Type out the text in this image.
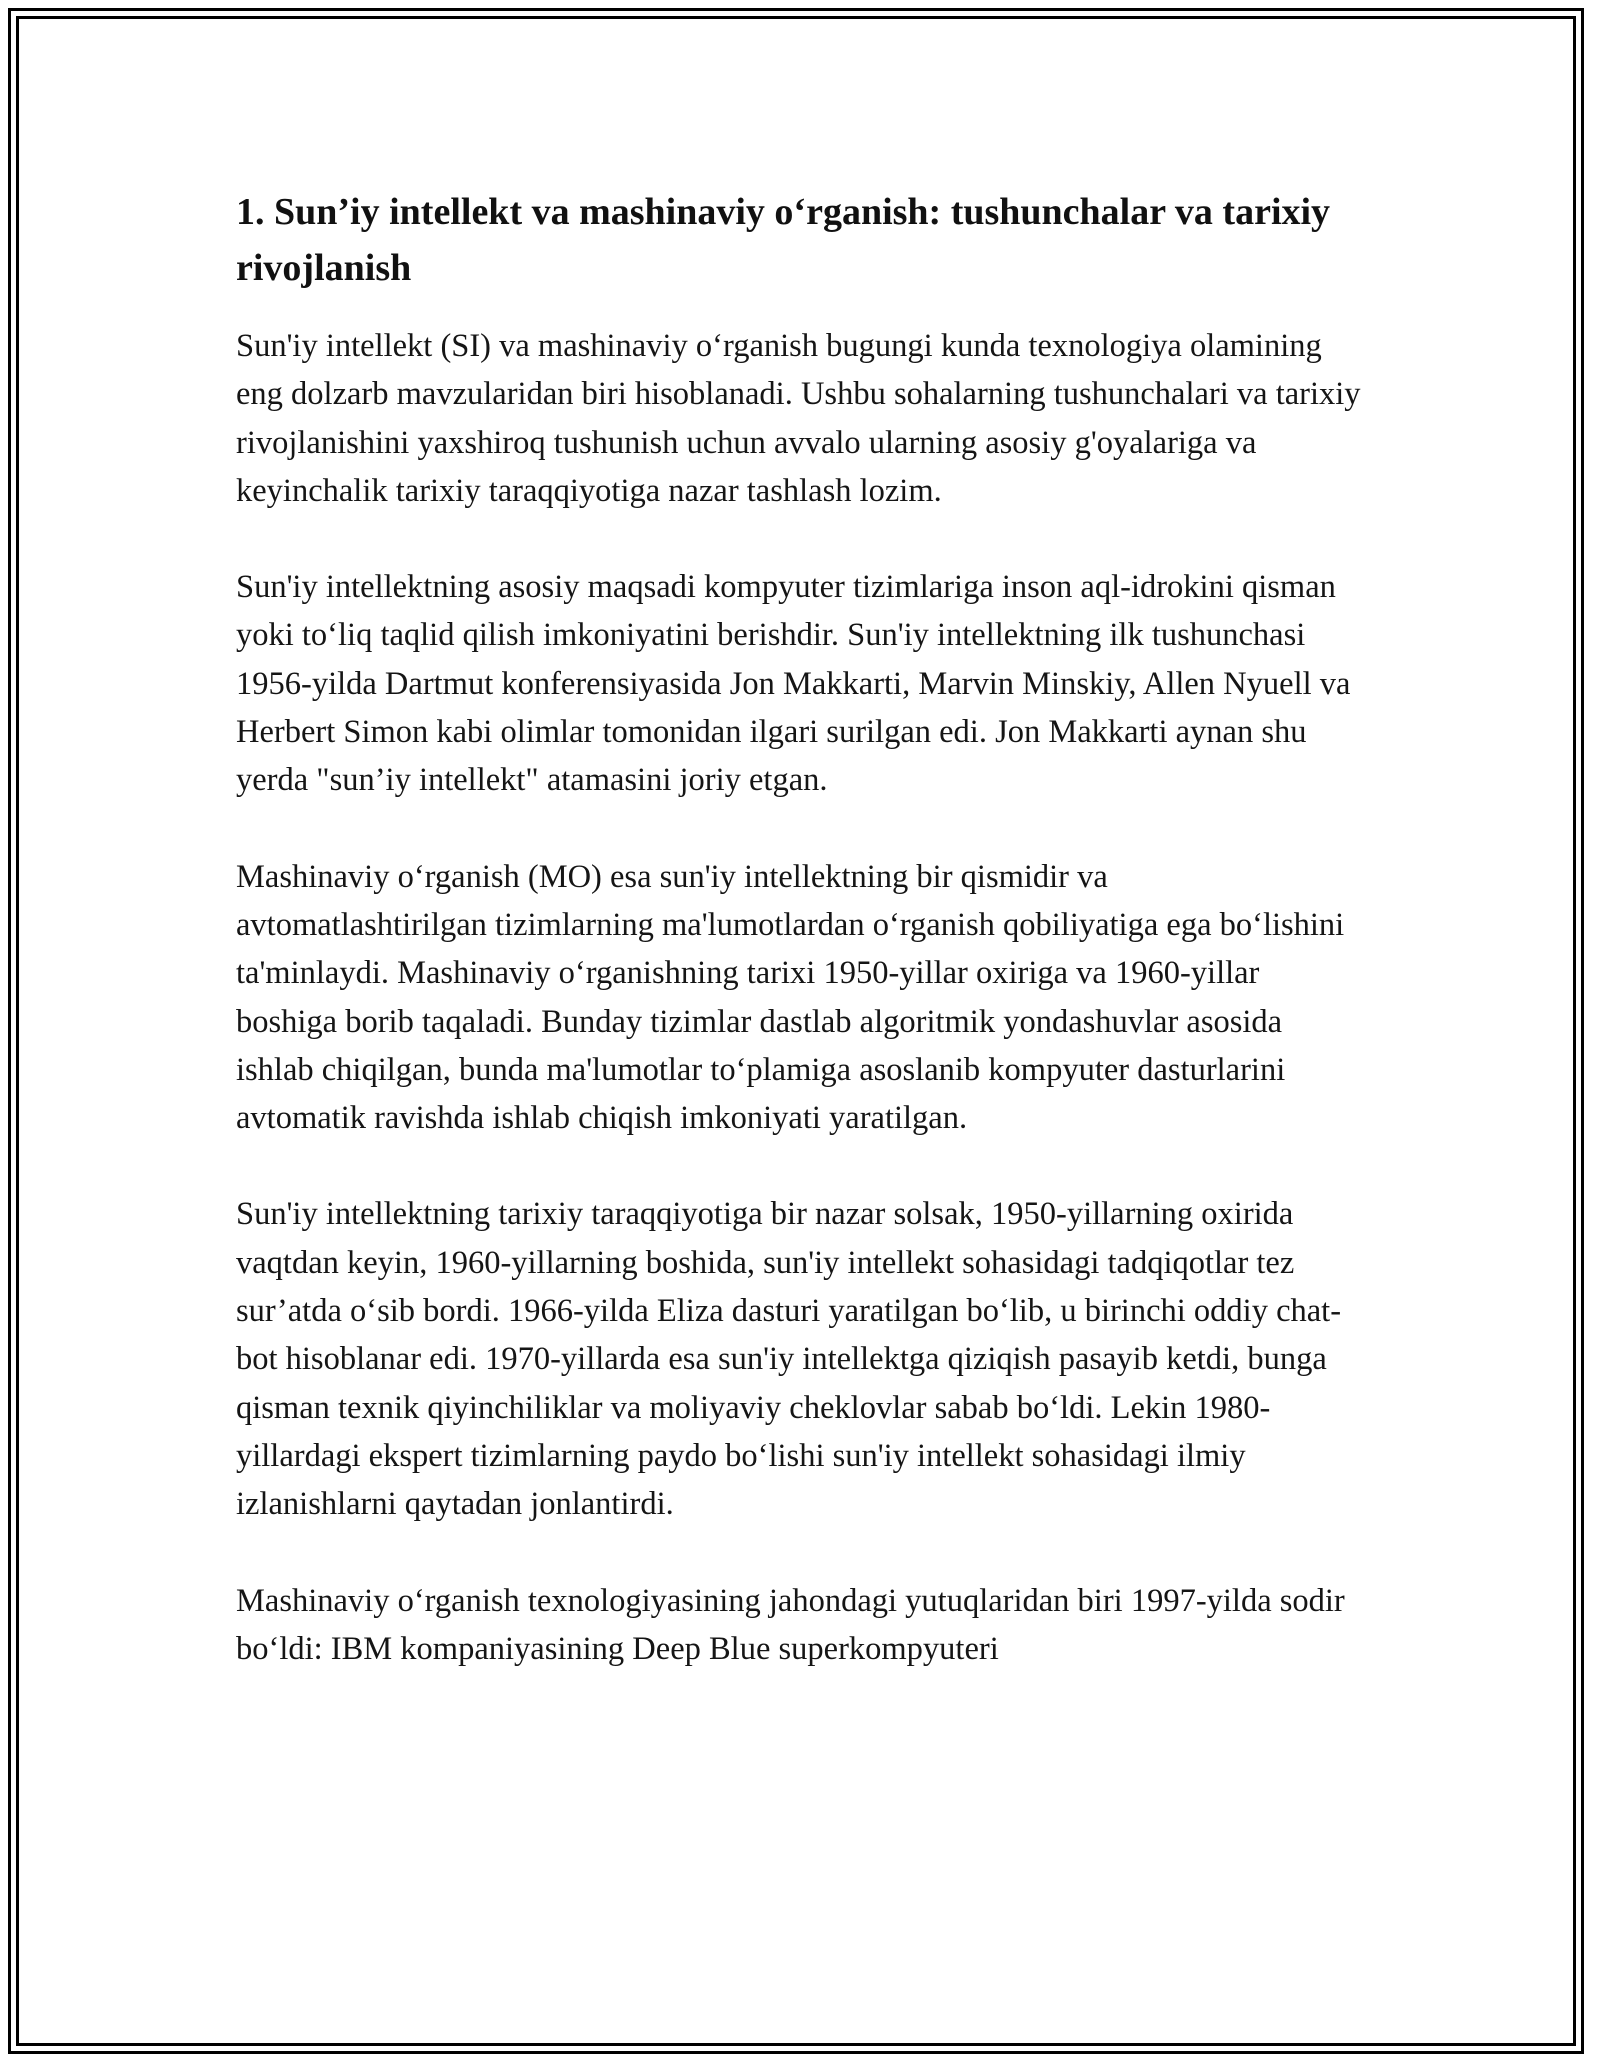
1. Sun’iy intellekt va mashinaviy o‘rganish: tushunchalar va tarixiy rivojlanish

Sun'iy intellekt (SI) va mashinaviy o‘rganish bugungi kunda texnologiya olamining eng dolzarb mavzularidan biri hisoblanadi. Ushbu sohalarning tushunchalari va tarixiy rivojlanishini yaxshiroq tushunish uchun avvalo ularning asosiy g'oyalariga va keyinchalik tarixiy taraqqiyotiga nazar tashlash lozim.

Sun'iy intellektning asosiy maqsadi kompyuter tizimlariga inson aql-idrokini qisman yoki to‘liq taqlid qilish imkoniyatini berishdir. Sun'iy intellektning ilk tushunchasi 1956-yilda Dartmut konferensiyasida Jon Makkarti, Marvin Minskiy, Allen Nyuell va Herbert Simon kabi olimlar tomonidan ilgari surilgan edi. Jon Makkarti aynan shu yerda "sun’iy intellekt" atamasini joriy etgan.

Mashinaviy o‘rganish (MO) esa sun'iy intellektning bir qismidir va avtomatlashtirilgan tizimlarning ma'lumotlardan o‘rganish qobiliyatiga ega bo‘lishini ta'minlaydi. Mashinaviy o‘rganishning tarixi 1950-yillar oxiriga va 1960-yillar boshiga borib taqaladi. Bunday tizimlar dastlab algoritmik yondashuvlar asosida ishlab chiqilgan, bunda ma'lumotlar to‘plamiga asoslanib kompyuter dasturlarini avtomatik ravishda ishlab chiqish imkoniyati yaratilgan.

Sun'iy intellektning tarixiy taraqqiyotiga bir nazar solsak, 1950-yillarning oxirida vaqtdan keyin, 1960-yillarning boshida, sun'iy intellekt sohasidagi tadqiqotlar tez sur’atda o‘sib bordi. 1966-yilda Eliza dasturi yaratilgan bo‘lib, u birinchi oddiy chat-bot hisoblanar edi. 1970-yillarda esa sun'iy intellektga qiziqish pasayib ketdi, bunga qisman texnik qiyinchiliklar va moliyaviy cheklovlar sabab bo‘ldi. Lekin 1980-yillardagi ekspert tizimlarning paydo bo‘lishi sun'iy intellekt sohasidagi ilmiy izlanishlarni qaytadan jonlantirdi.

Mashinaviy o‘rganish texnologiyasining jahondagi yutuqlaridan biri 1997-yilda sodir bo‘ldi: IBM kompaniyasining Deep Blue superkompyuteri
